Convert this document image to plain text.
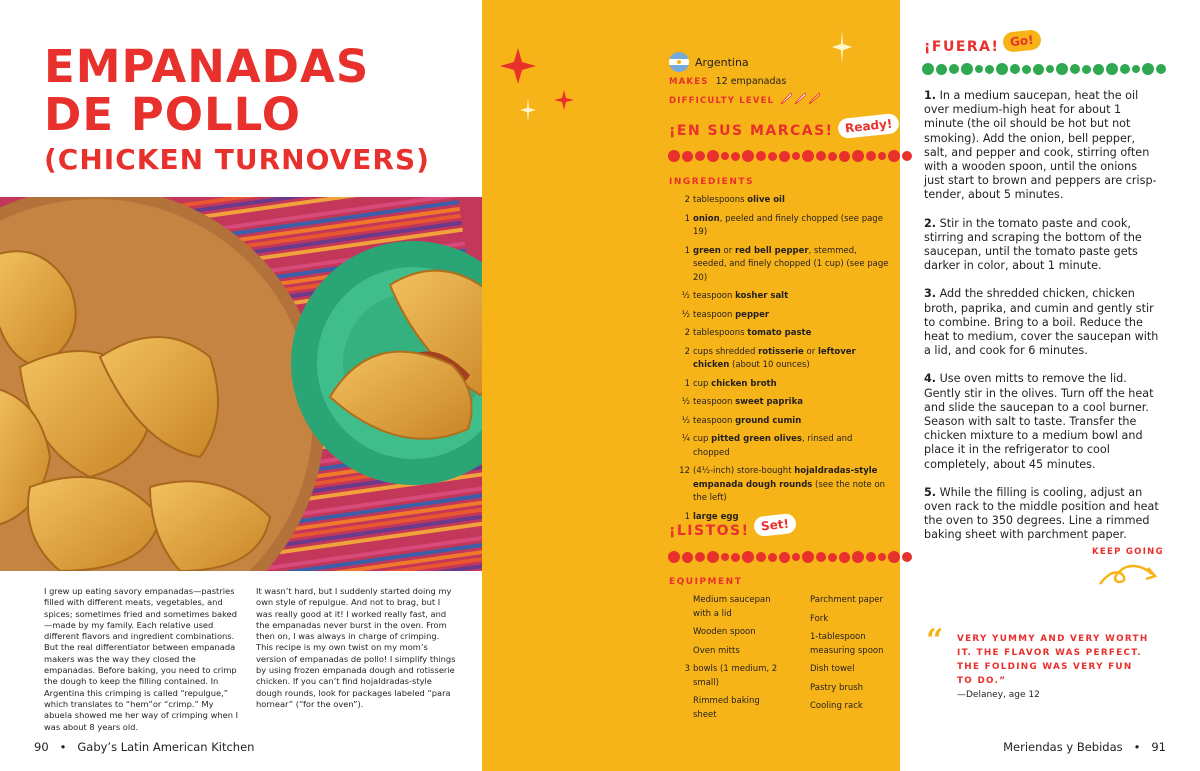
EMPANADAS
DE POLLO
(CHICKEN TURNOVERS)
I grew up eating savory empanadas—pastries filled with different meats, vegetables, and spices; sometimes fried and sometimes baked—made by my family. Each relative used different flavors and ingredient combinations. But the real differentiator between empanada makers was the way they closed the empanadas. Before baking, you need to crimp the dough to keep the filling contained. In Argentina this crimping is called “repulgue,” which translates to “hem”or “crimp.” My abuela showed me her way of crimping when I was about 8 years old.
It wasn’t hard, but I suddenly started doing my own style of repulgue. And not to brag, but I was really good at it! I worked really fast, and the empanadas never burst in the oven. From then on, I was always in charge of crimping. This recipe is my own twist on my mom’s version of empanadas de pollo! I simplify things by using frozen empanada dough and rotisserie chicken. If you can’t find hojaldradas-style dough rounds, look for packages labeled “para hornear” (“for the oven”).
90   •   Gaby’s Latin American Kitchen
Argentina
MAKES 12 empanadas
DIFFICULTY LEVEL
¡EN SUS MARCAS! Ready!
INGREDIENTS
2 tablespoons olive oil
1 onion, peeled and finely chopped (see page 19)
1 green or red bell pepper, stemmed, seeded, and finely chopped (1 cup) (see page 20)
½ teaspoon kosher salt
½ teaspoon pepper
2 tablespoons tomato paste
2 cups shredded rotisserie or leftover chicken (about 10 ounces)
1 cup chicken broth
½ teaspoon sweet paprika
½ teaspoon ground cumin
¼ cup pitted green olives, rinsed and chopped
12 (4½-inch) store-bought hojaldradas-style empanada dough rounds (see the note on the left)
1 large egg
¡LISTOS! Set!
EQUIPMENT
Medium saucepan with a lid
Wooden spoon
Oven mitts
3 bowls (1 medium, 2 small)
Rimmed baking sheet
Parchment paper
Fork
1-tablespoon measuring spoon
Dish towel
Pastry brush
Cooling rack
¡FUERA! Go!

1. In a medium saucepan, heat the oil over medium-high heat for about 1 minute (the oil should be hot but not smoking). Add the onion, bell pepper, salt, and pepper and cook, stirring often with a wooden spoon, until the onions just start to brown and peppers are crisp-tender, about 5 minutes.

2. Stir in the tomato paste and cook, stirring and scraping the bottom of the saucepan, until the tomato paste gets darker in color, about 1 minute.

3. Add the shredded chicken, chicken broth, paprika, and cumin and gently stir to combine. Bring to a boil. Reduce the heat to medium, cover the saucepan with a lid, and cook for 6 minutes.

4. Use oven mitts to remove the lid. Gently stir in the olives. Turn off the heat and slide the saucepan to a cool burner. Season with salt to taste. Transfer the chicken mixture to a medium bowl and place it in the refrigerator to cool completely, about 45 minutes.

5. While the filling is cooling, adjust an oven rack to the middle position and heat the oven to 350 degrees. Line a rimmed baking sheet with parchment paper.

KEEP GOING
“ VERY YUMMY AND VERY WORTH IT. THE FLAVOR WAS PERFECT. THE FOLDING WAS VERY FUN TO DO.”
—Delaney, age 12
Meriendas y Bebidas   •   91
